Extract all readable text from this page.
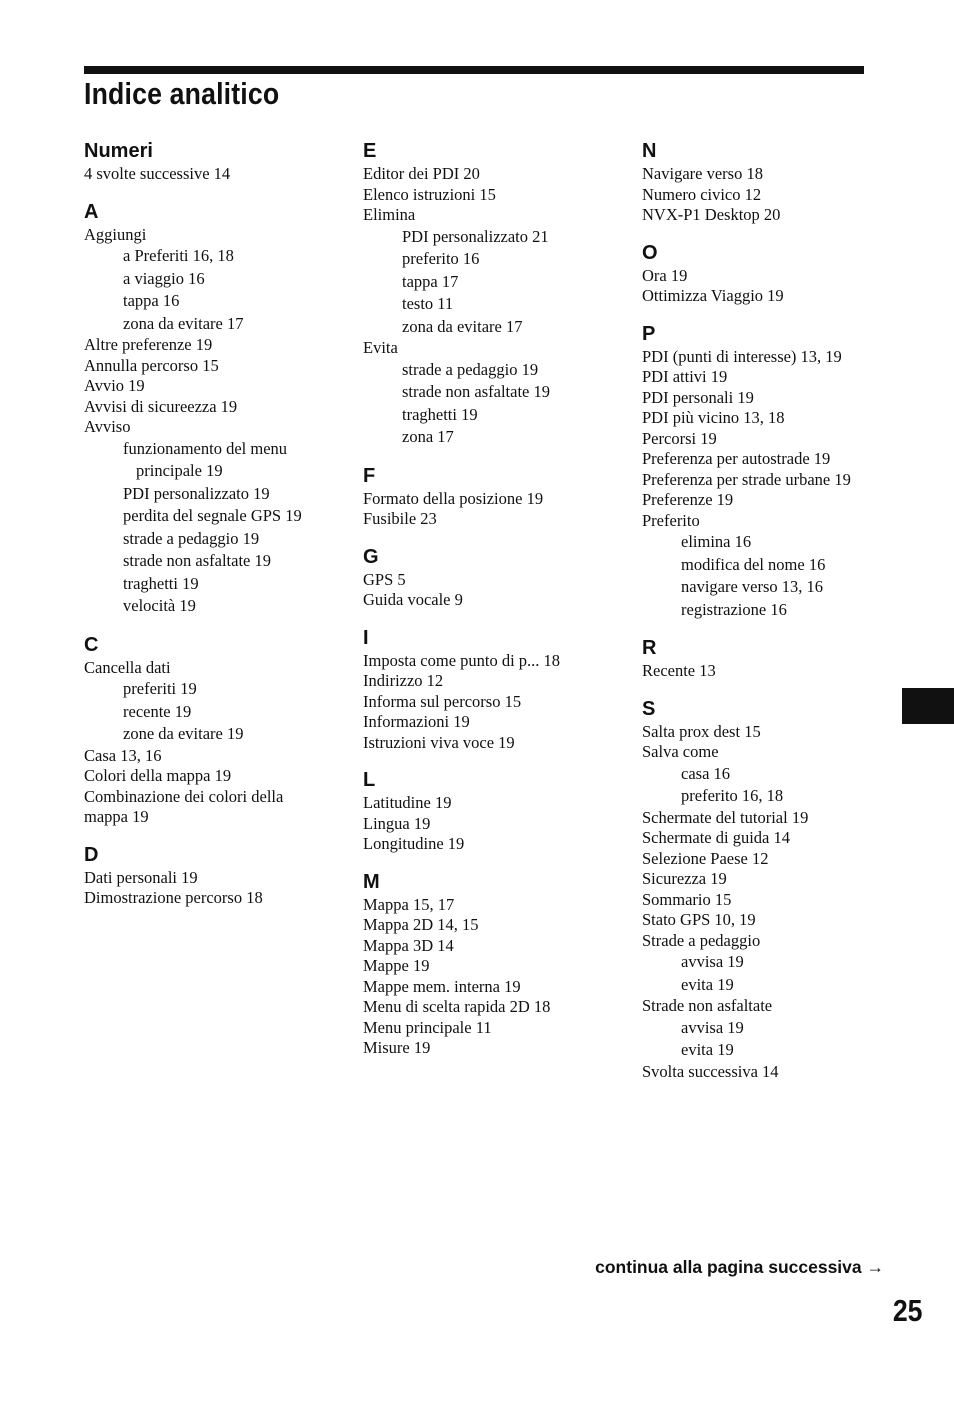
Indice analitico
Numeri
4 svolte successive 14
A
Aggiungi
a Preferiti 16, 18
a viaggio 16
tappa 16
zona da evitare 17
Altre preferenze 19
Annulla percorso 15
Avvio 19
Avvisi di sicureezza 19
Avviso
funzionamento del menu
principale 19
PDI personalizzato 19
perdita del segnale GPS 19
strade a pedaggio 19
strade non asfaltate 19
traghetti 19
velocità 19
C
Cancella dati
preferiti 19
recente 19
zone da evitare 19
Casa 13, 16
Colori della mappa 19
Combinazione dei colori della
mappa 19
D
Dati personali 19
Dimostrazione percorso 18
E
Editor dei PDI 20
Elenco istruzioni 15
Elimina
PDI personalizzato 21
preferito 16
tappa 17
testo 11
zona da evitare 17
Evita
strade a pedaggio 19
strade non asfaltate 19
traghetti 19
zona 17
F
Formato della posizione 19
Fusibile 23
G
GPS 5
Guida vocale 9
I
Imposta come punto di p... 18
Indirizzo 12
Informa sul percorso 15
Informazioni 19
Istruzioni viva voce 19
L
Latitudine 19
Lingua 19
Longitudine 19
M
Mappa 15, 17
Mappa 2D 14, 15
Mappa 3D 14
Mappe 19
Mappe mem. interna 19
Menu di scelta rapida 2D 18
Menu principale 11
Misure 19
N
Navigare verso 18
Numero civico 12
NVX-P1 Desktop 20
O
Ora 19
Ottimizza Viaggio 19
P
PDI (punti di interesse) 13, 19
PDI attivi 19
PDI personali 19
PDI più vicino 13, 18
Percorsi 19
Preferenza per autostrade 19
Preferenza per strade urbane 19
Preferenze 19
Preferito
elimina 16
modifica del nome 16
navigare verso 13, 16
registrazione 16
R
Recente 13
S
Salta prox dest 15
Salva come
casa 16
preferito 16, 18
Schermate del tutorial 19
Schermate di guida 14
Selezione Paese 12
Sicurezza 19
Sommario 15
Stato GPS 10, 19
Strade a pedaggio
avvisa 19
evita 19
Strade non asfaltate
avvisa 19
evita 19
Svolta successiva 14
continua alla pagina successiva →
25
